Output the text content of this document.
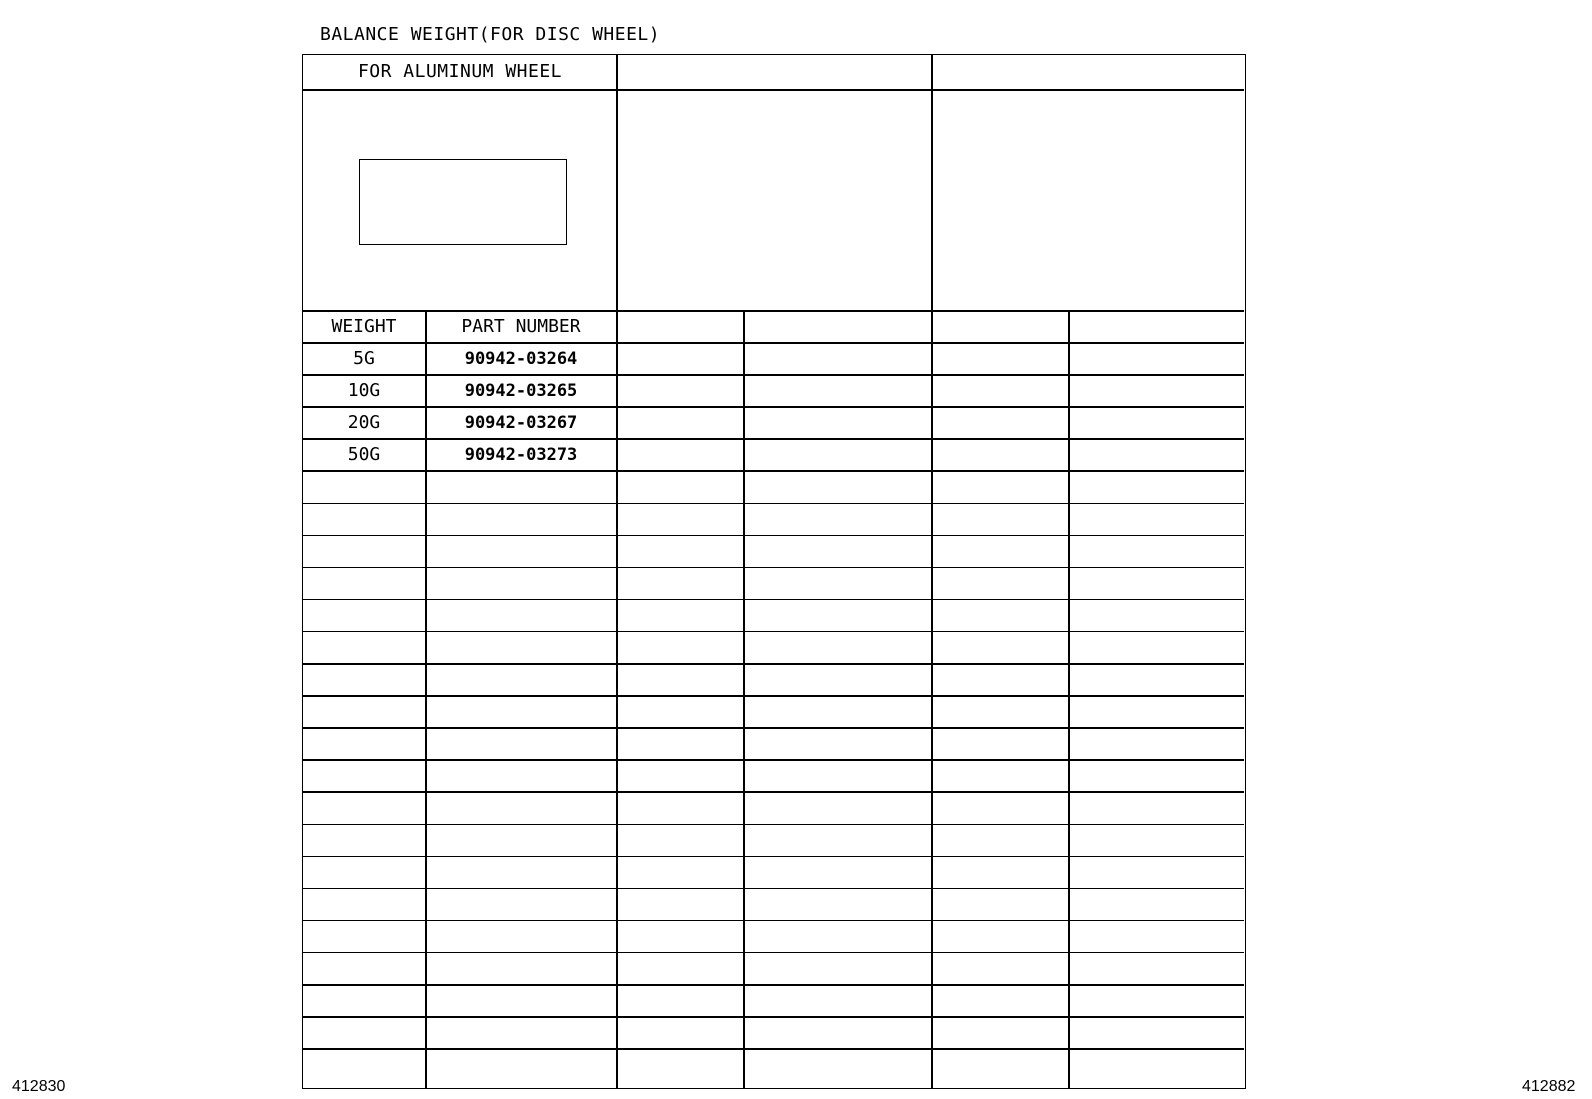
BALANCE WEIGHT(FOR DISC WHEEL)
FOR ALUMINUM WHEEL
WEIGHT	PART NUMBER
5G	90942-03264
10G	90942-03265
20G	90942-03267
50G	90942-03273
412830	412882
